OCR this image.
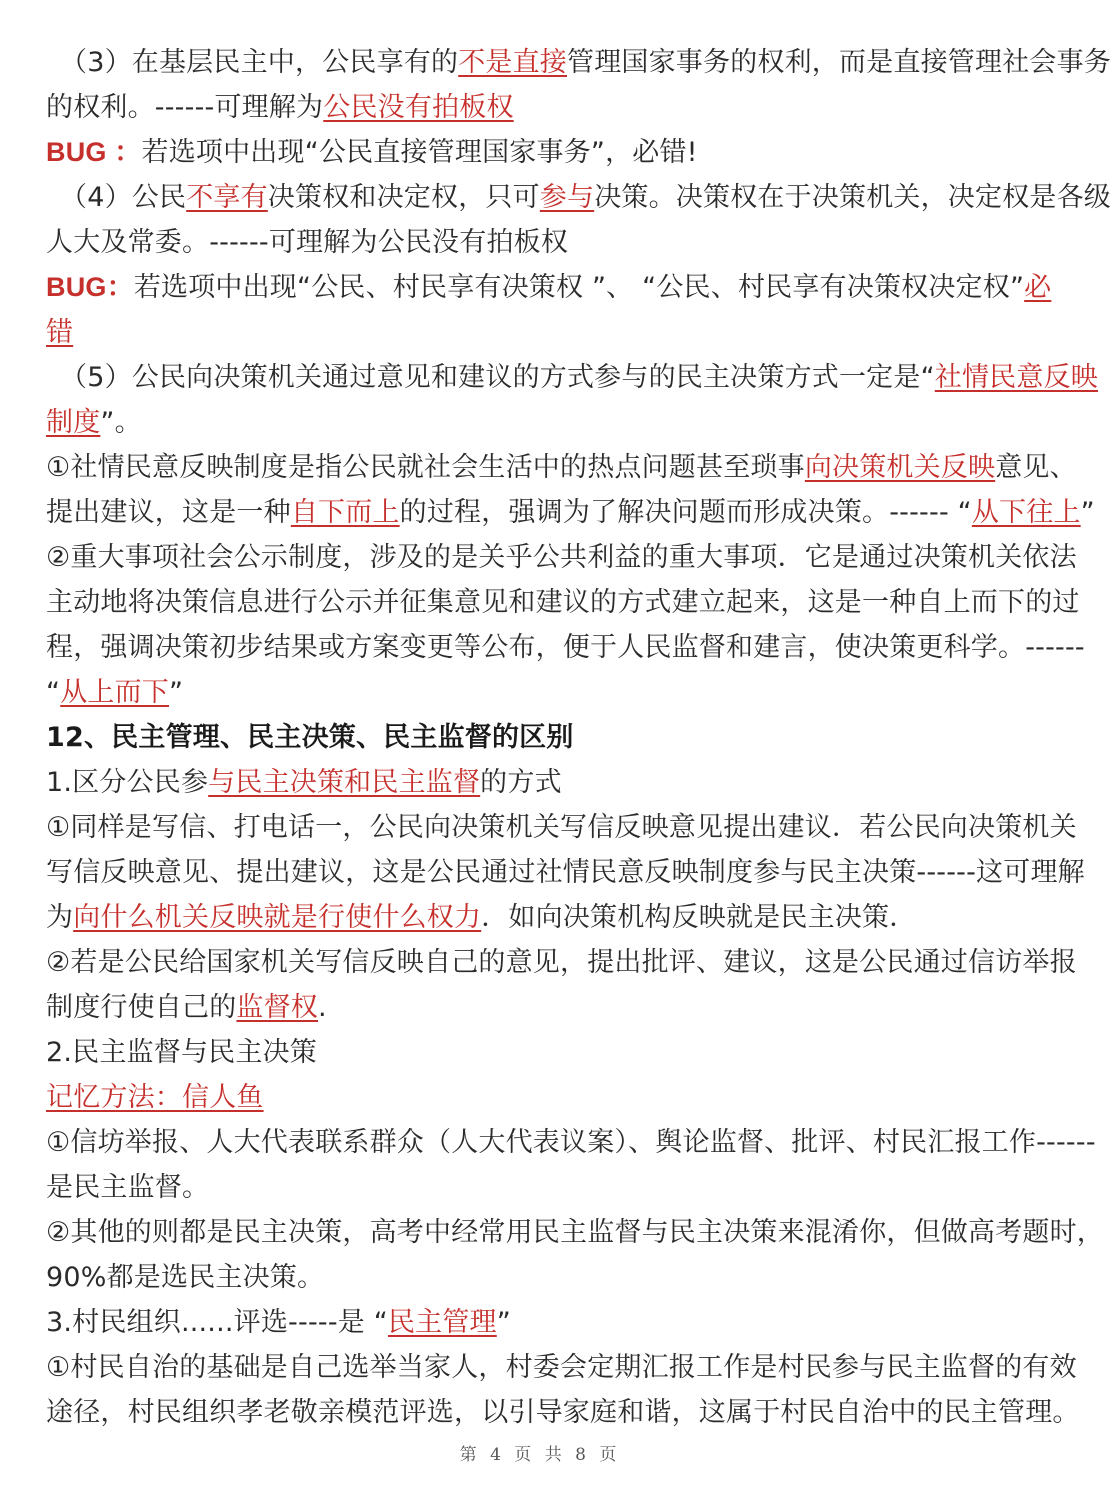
（3）在基层民主中，公民享有的不是直接管理国家事务的权利，而是直接管理社会事务
的权利。------可理解为公民没有拍板权
BUG ：若选项中出现“公民直接管理国家事务”，必错!
（4）公民不享有决策权和决定权，只可参与决策。决策权在于决策机关，决定权是各级
人大及常委。------可理解为公民没有拍板权
BUG：若选项中出现“公民、村民享有决策权 ”、 “公民、村民享有决策权决定权”必
错
（5）公民向决策机关通过意见和建议的方式参与的民主决策方式一定是“社情民意反映
制度”。
①社情民意反映制度是指公民就社会生活中的热点问题甚至琐事向决策机关反映意见、
提出建议，这是一种自下而上的过程，强调为了解决问题而形成决策。------ “从下往上”
②重大事项社会公示制度，涉及的是关乎公共利益的重大事项．它是通过决策机关依法
主动地将决策信息进行公示并征集意见和建议的方式建立起来，这是一种自上而下的过
程，强调决策初步结果或方案变更等公布，便于人民监督和建言，使决策更科学。------
“从上而下”
12、民主管理、民主决策、民主监督的区别
1.区分公民参与民主决策和民主监督的方式
①同样是写信、打电话一，公民向决策机关写信反映意见提出建议．若公民向决策机关
写信反映意见、提出建议，这是公民通过社情民意反映制度参与民主决策------这可理解
为向什么机关反映就是行使什么权力．如向决策机构反映就是民主决策．
②若是公民给国家机关写信反映自己的意见，提出批评、建议，这是公民通过信访举报
制度行使自己的监督权.
2.民主监督与民主决策
记忆方法：信人鱼
①信坊举报、人大代表联系群众（人大代表议案）、舆论监督、批评、村民汇报工作------
是民主监督。
②其他的则都是民主决策，高考中经常用民主监督与民主决策来混淆你，但做高考题时，
90%都是选民主决策。
3.村民组织......评选-----是 “民主管理”
①村民自治的基础是自己选举当家人，村委会定期汇报工作是村民参与民主监督的有效
途径，村民组织孝老敬亲模范评选，以引导家庭和谐，这属于村民自治中的民主管理。
第 4 页 共 8 页
